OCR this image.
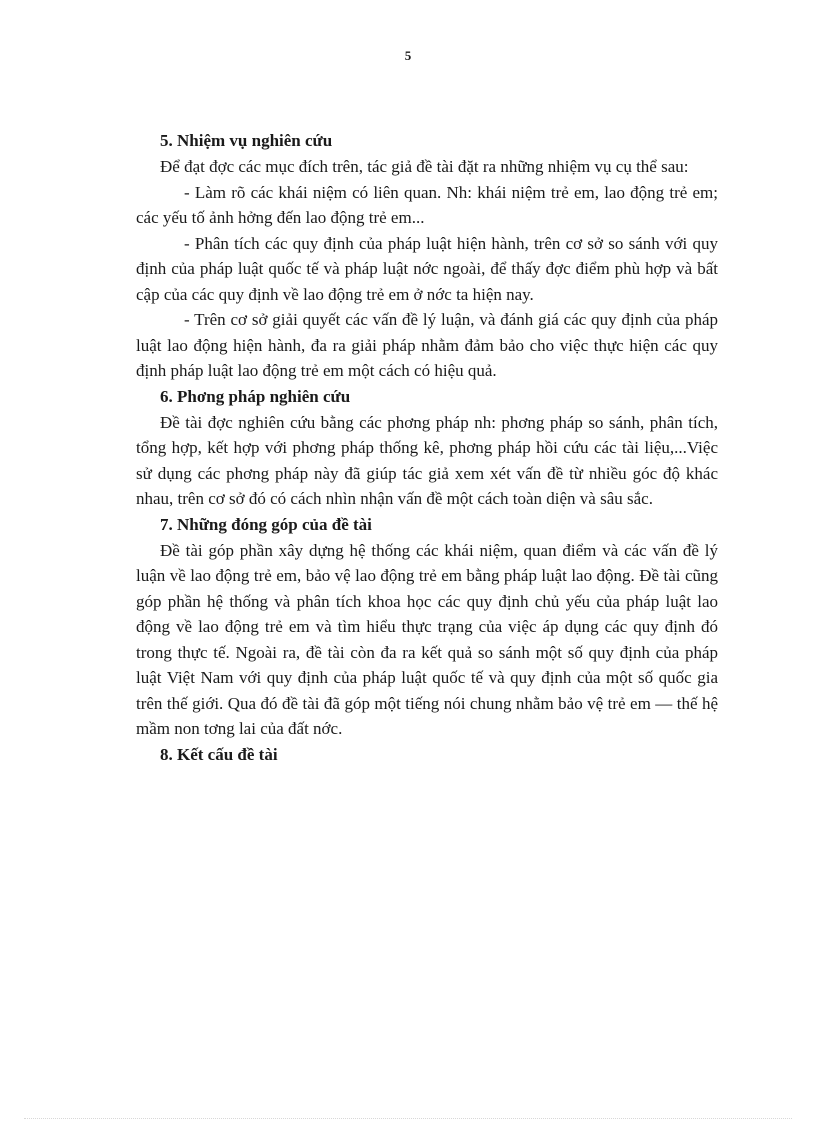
5
5. Nhiệm vụ nghiên cứu

Để đạt đợc các mục đích trên, tác giả đề tài đặt ra những nhiệm vụ cụ thể sau:

- Làm rõ các khái niệm có liên quan. Nh: khái niệm trẻ em, lao động trẻ em; các yếu tố ảnh hởng đến lao động trẻ em...

- Phân tích các quy định của pháp luật hiện hành, trên cơ sở so sánh với quy định của pháp luật quốc tế và pháp luật nớc ngoài, để thấy đợc điểm phù hợp và bất cập của các quy định về lao động trẻ em ở nớc ta hiện nay.

- Trên cơ sở giải quyết các vấn đề lý luận, và đánh giá các quy định của pháp luật lao động hiện hành, đa ra giải pháp nhằm đảm bảo cho việc thực hiện các quy định pháp luật lao động trẻ em một cách có hiệu quả.

6. Phơng pháp nghiên cứu

Đề tài đợc nghiên cứu bằng các phơng pháp nh: phơng pháp so sánh, phân tích, tổng hợp, kết hợp với phơng pháp thống kê, phơng pháp hồi cứu các tài liệu,...Việc sử dụng các phơng pháp này đã giúp tác giả xem xét vấn đề từ nhiều góc độ khác nhau, trên cơ sở đó có cách nhìn nhận vấn đề một cách toàn diện và sâu sắc.

7. Những đóng góp của đề tài

Đề tài góp phần xây dựng hệ thống các khái niệm, quan điểm và các vấn đề lý luận về lao động trẻ em, bảo vệ lao động trẻ em bằng pháp luật lao động. Đề tài cũng góp phần hệ thống và phân tích khoa học các quy định chủ yếu của pháp luật lao động về lao động trẻ em và tìm hiểu thực trạng của việc áp dụng các quy định đó trong thực tế. Ngoài ra, đề tài còn đa ra kết quả so sánh một số quy định của pháp luật Việt Nam với quy định của pháp luật quốc tế và quy định của một số quốc gia trên thế giới. Qua đó đề tài đã góp một tiếng nói chung nhằm bảo vệ trẻ em — thế hệ mầm non tơng lai của đất nớc.

8. Kết cấu đề tài
